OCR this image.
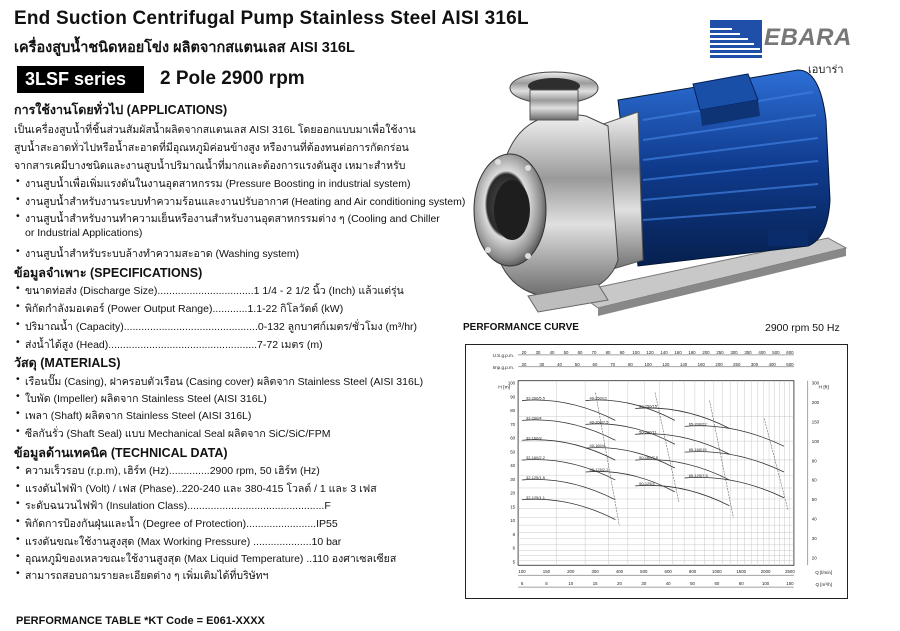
End Suction Centrifugal Pump Stainless Steel AISI 316L
เครื่องสูบน้ำชนิดหอยโข่ง ผลิตจากสแตนเลส AISI 316L	EBARA
เอบาร่า
3LSF series	2 Pole 2900 rpm
การใช้งานโดยทั่วไป (APPLICATIONS)
เป็นเครื่องสูบน้ำที่ชิ้นส่วนสัมผัสน้ำผลิตจากสแตนเลส AISI 316L โดยออกแบบมาเพื่อใช้งาน
สูบน้ำสะอาดทั่วไปหรือน้ำสะอาดที่มีอุณหภูมิค่อนข้างสูง หรืองานที่ต้องทนต่อการกัดกร่อน
จากสารเคมีบางชนิดและงานสูบน้ำปริมาณน้ำที่มากและต้องการแรงดันสูง เหมาะสำหรับ
• งานสูบน้ำเพื่อเพิ่มแรงดันในงานอุตสาหกรรม (Pressure Boosting in industrial system)
• งานสูบน้ำสำหรับงานระบบทำความร้อนและงานปรับอากาศ (Heating and Air conditioning system)
• งานสูบน้ำสำหรับงานทำความเย็นหรืองานสำหรับงานอุตสาหกรรมต่าง ๆ (Cooling and Chiller
or Industrial Applications)
• งานสูบน้ำสำหรับระบบล้างทำความสะอาด (Washing system)
ข้อมูลจำเพาะ (SPECIFICATIONS)
• ขนาดท่อส่ง (Discharge Size).................................1 1/4 - 2 1/2 นิ้ว (Inch) แล้วแต่รุ่น
• พิกัดกำลังมอเตอร์ (Power Output Range)............1.1-22 กิโลวัตต์ (kW)
• ปริมาณน้ำ (Capacity)..............................................0-132 ลูกบาศก์เมตร/ชั่วโมง (m³/hr)
• ส่งน้ำได้สูง (Head)...................................................7-72 เมตร (m)
วัสดุ (MATERIALS)
• เรือนปั๊ม (Casing), ฝาครอบตัวเรือน (Casing cover) ผลิตจาก Stainless Steel (AISI 316L)
• ใบพัด (Impeller) ผลิตจาก Stainless Steel (AISI 316L)
• เพลา (Shaft) ผลิตจาก Stainless Steel (AISI 316L)
• ซีลกันรั่ว (Shaft Seal) แบบ Mechanical Seal ผลิตจาก SiC/SiC/FPM
ข้อมูลด้านเทคนิค (TECHNICAL DATA)
• ความเร็วรอบ (r.p.m), เฮิร์ท (Hz)..............2900 rpm, 50 เฮิร์ท (Hz)
• แรงดันไฟฟ้า (Volt) / เฟส (Phase)..220-240 และ 380-415 โวลต์ / 1 และ 3 เฟส
• ระดับฉนวนไฟฟ้า (Insulation Class)...............................................F
• พิกัดการป้องกันฝุ่นและน้ำ (Degree of Protection)........................IP55
• แรงดันขณะใช้งานสูงสุด (Max Working Pressure) ....................10 bar
• อุณหภูมิของเหลวขณะใช้งานสูงสุด (Max Liquid Temperature) ..110 องศาเซลเซียส
• สามารถสอบถามรายละเอียดต่าง ๆ เพิ่มเติมได้ที่บริษัทฯ
PERFORMANCE CURVE	2900 rpm 50 Hz
U.S.g.p.m.
20 30 40 50 60 70 80 90 100 120 140 160 180 200 250 300 350 400 500 600
Imp.g.p.m.
20	30	40	50	60	70	80	100 120 140 160 200 250 300 400 500
H [m]
100
90
80
70
60
50
40
30
20
15
10
8
6
5
H [ft]
300
200
150
100
80
60
50
40
30
20
100	150	200	300	400	500	600	800	1000	1500	2000	2500	Q [l/min]
6	8	10	15	20	30	40	50	60	80	100	150	Q [m³/h]
32-200/5.5
32-200/4
32-160/3
32-160/2.2
32-125/1.5
32-125/1.1
40-250/11
40-200/7.5
40-160/4
40-125/2.2
50-250/15
50-200/11
50-160/7.5
50-125/4
65-200/22
65-160/15
65-125/7.5
PERFORMANCE TABLE *KT Code = E061-XXXX
